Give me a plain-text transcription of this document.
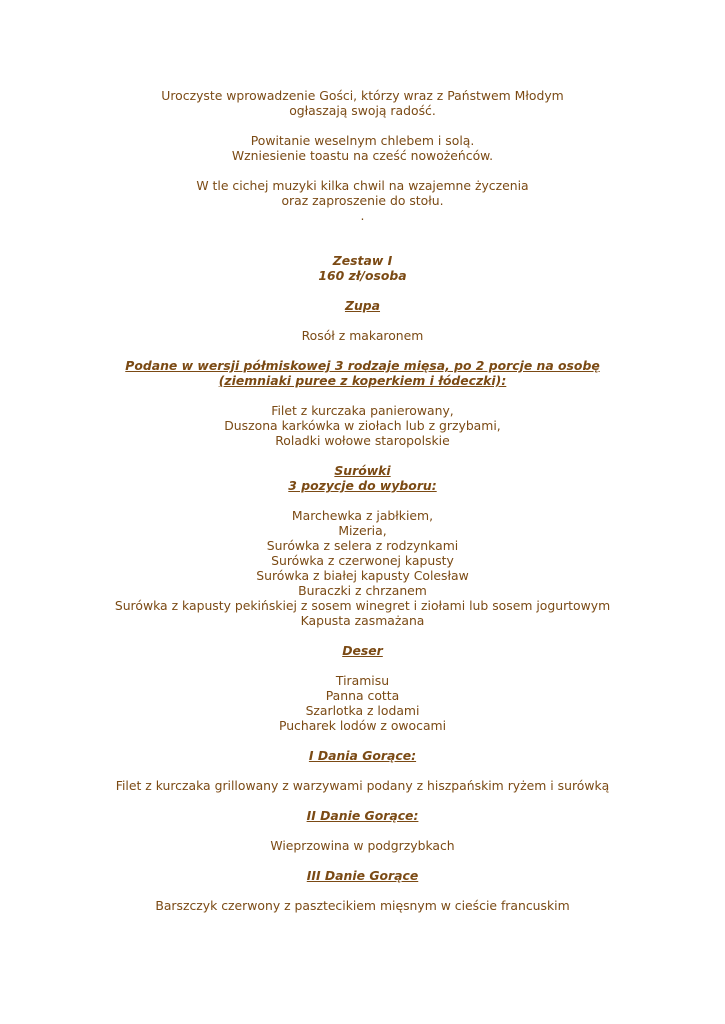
Uroczyste wprowadzenie Gości, którzy wraz z Państwem Młodym
ogłaszają swoją radość.
Powitanie weselnym chlebem i solą.
Wzniesienie toastu na cześć nowożeńców.
W tle cichej muzyki kilka chwil na wzajemne życzenia
oraz zaproszenie do stołu.
.
Zestaw I
160 zł/osoba
Zupa
Rosół z makaronem
Podane w wersji półmiskowej 3 rodzaje mięsa, po 2 porcje na osobę
(ziemniaki puree z koperkiem i łódeczki):
Filet z kurczaka panierowany,
Duszona karkówka w ziołach lub z grzybami,
Roladki wołowe staropolskie
Surówki
3 pozycje do wyboru:
Marchewka z jabłkiem,
Mizeria,
Surówka z selera z rodzynkami
Surówka z czerwonej kapusty
Surówka z białej kapusty Colesław
Buraczki z chrzanem
Surówka z kapusty pekińskiej z sosem winegret i ziołami lub sosem jogurtowym
Kapusta zasmażana
Deser
Tiramisu
Panna cotta
Szarlotka z lodami
Pucharek lodów z owocami
I Dania Gorące:
Filet z kurczaka grillowany z warzywami podany z hiszpańskim ryżem i surówką
II Danie Gorące:
Wieprzowina w podgrzybkach
III Danie Gorące
Barszczyk czerwony z pasztecikiem mięsnym w cieście francuskim
